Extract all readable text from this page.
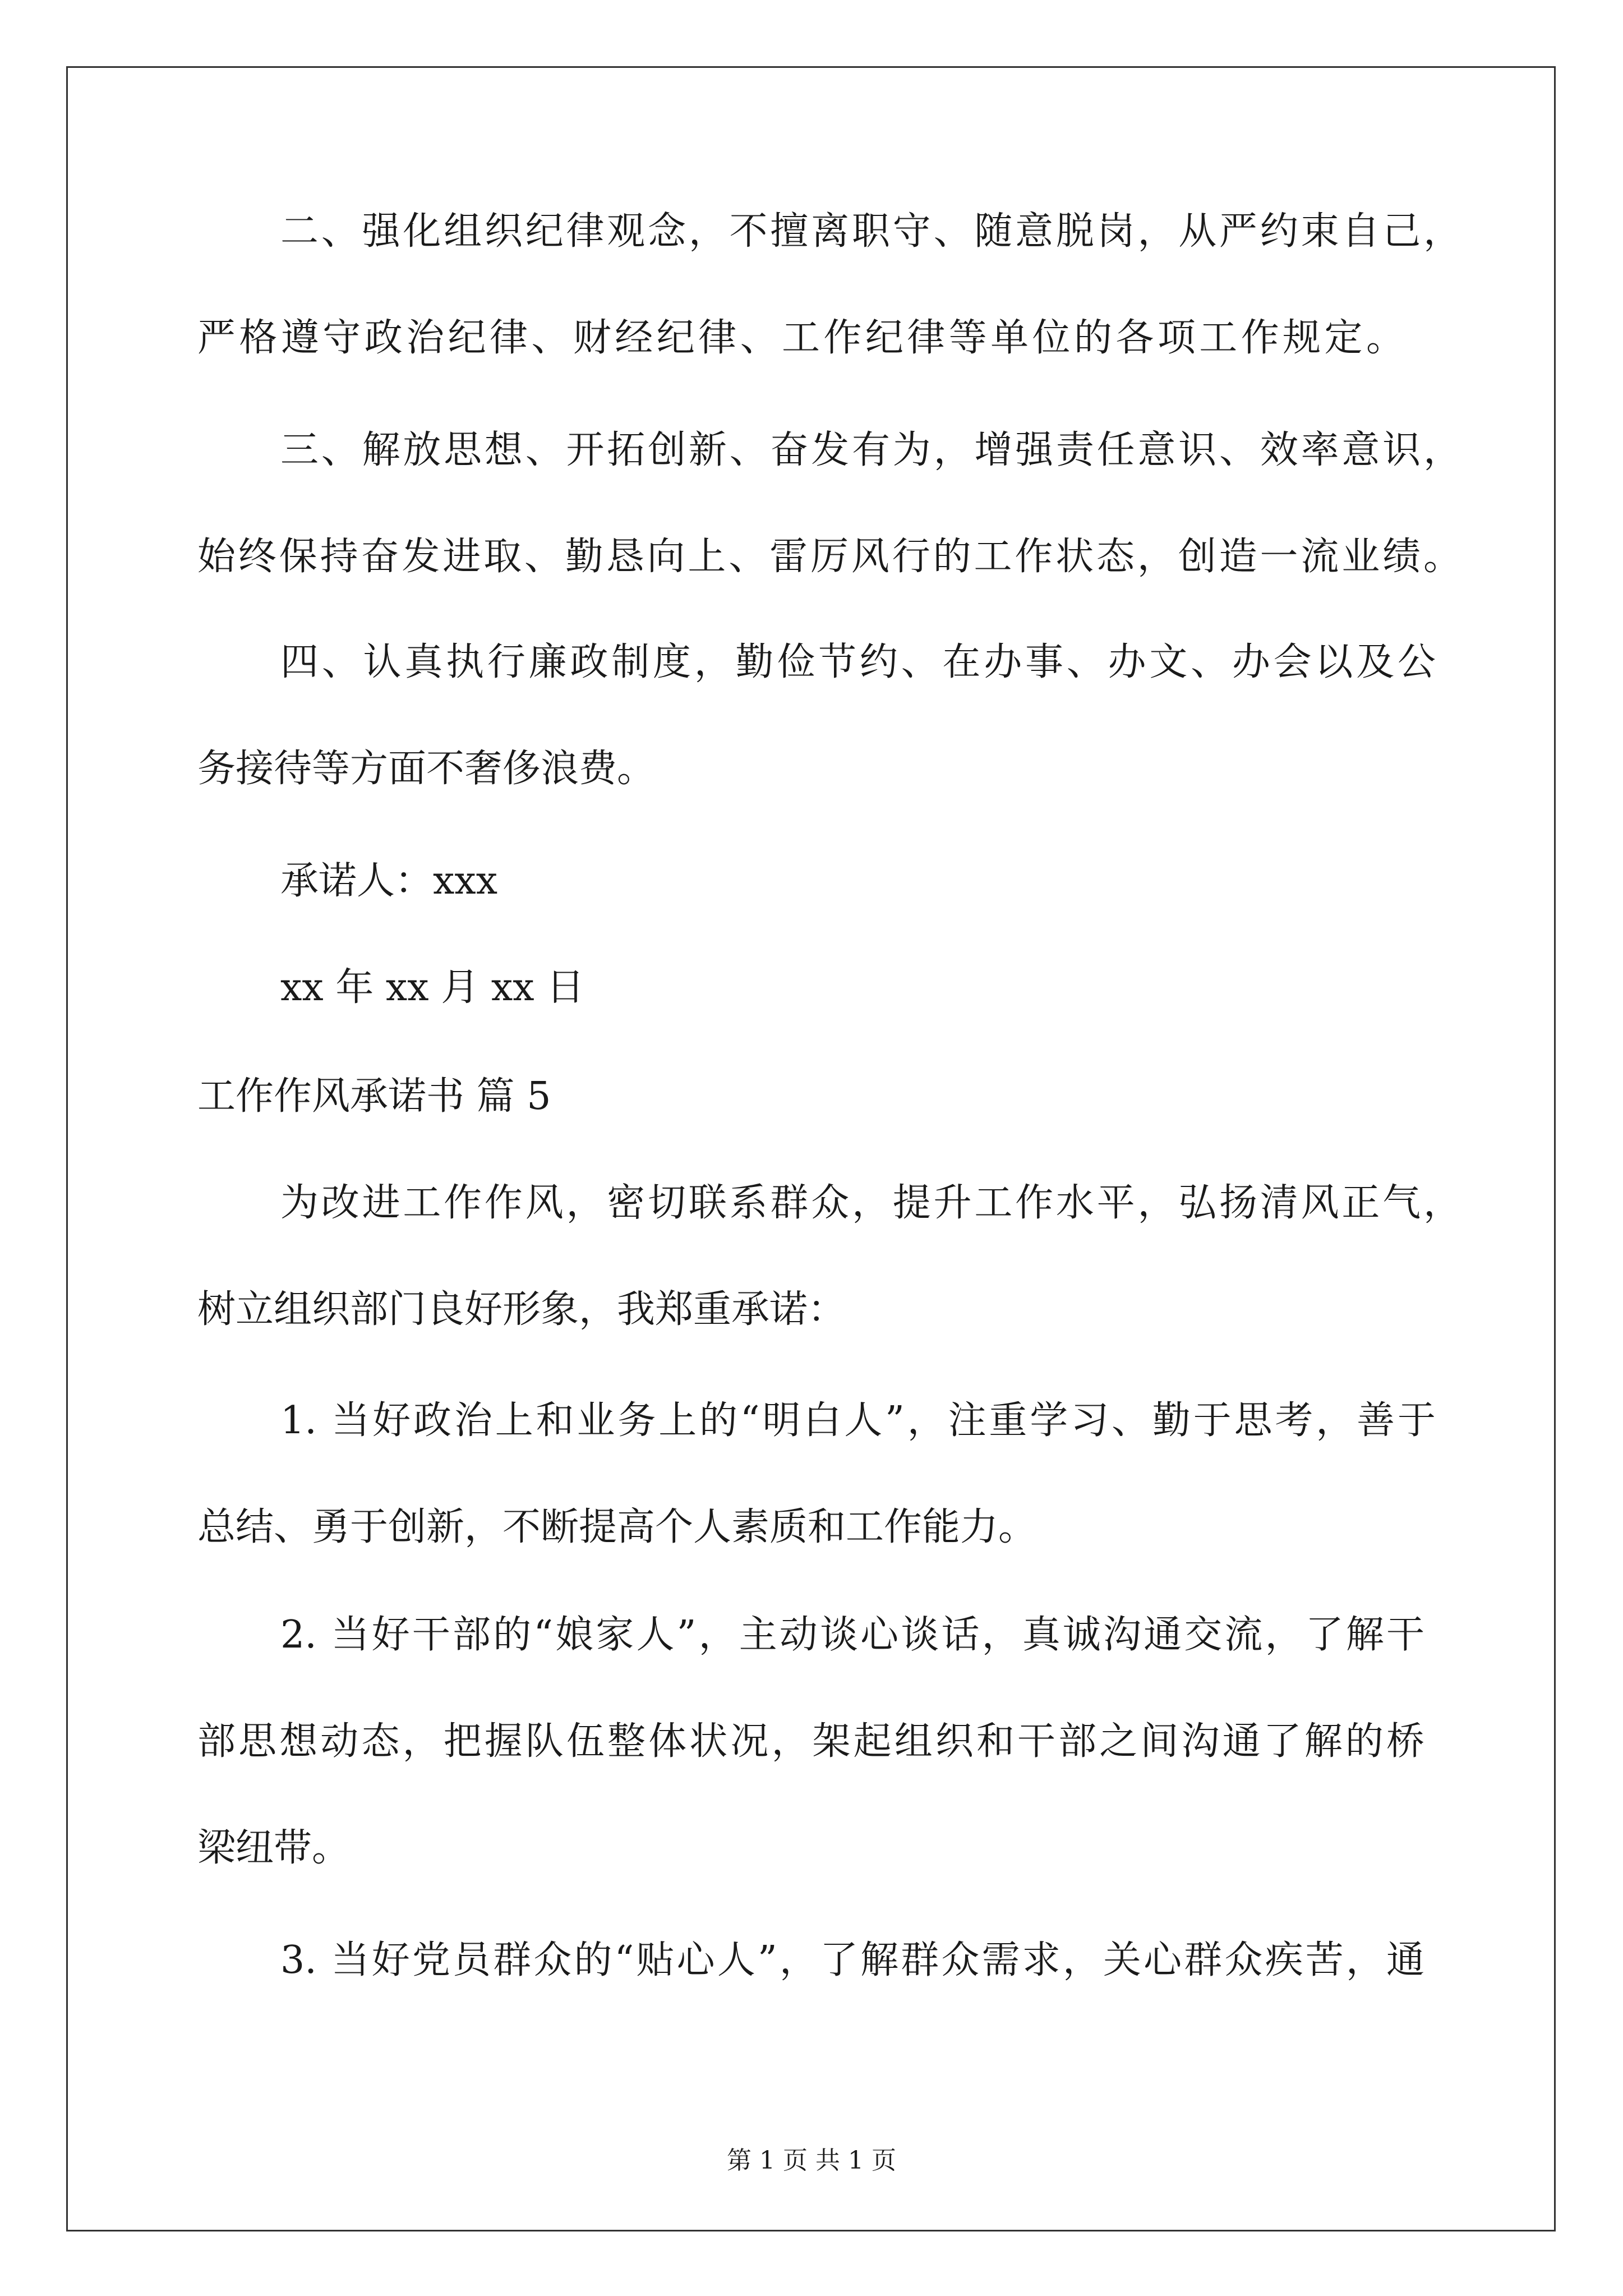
二、强化组织纪律观念，不擅离职守、随意脱岗，从严约束自己，
严格遵守政治纪律、财经纪律、工作纪律等单位的各项工作规定。
三、解放思想、开拓创新、奋发有为，增强责任意识、效率意识，
始终保持奋发进取、勤恳向上、雷厉风行的工作状态，创造一流业绩。
四、认真执行廉政制度，勤俭节约、在办事、办文、办会以及公
务接待等方面不奢侈浪费。
承诺人：xxx
xx 年 xx 月 xx 日
工作作风承诺书 篇 5
为改进工作作风，密切联系群众，提升工作水平，弘扬清风正气，
树立组织部门良好形象，我郑重承诺：
1. 当好政治上和业务上的“明白人”，注重学习、勤于思考，善于
总结、勇于创新，不断提高个人素质和工作能力。
2. 当好干部的“娘家人”，主动谈心谈话，真诚沟通交流，了解干
部思想动态，把握队伍整体状况，架起组织和干部之间沟通了解的桥
梁纽带。
3. 当好党员群众的“贴心人”，了解群众需求，关心群众疾苦，通
第 1 页 共 1 页
